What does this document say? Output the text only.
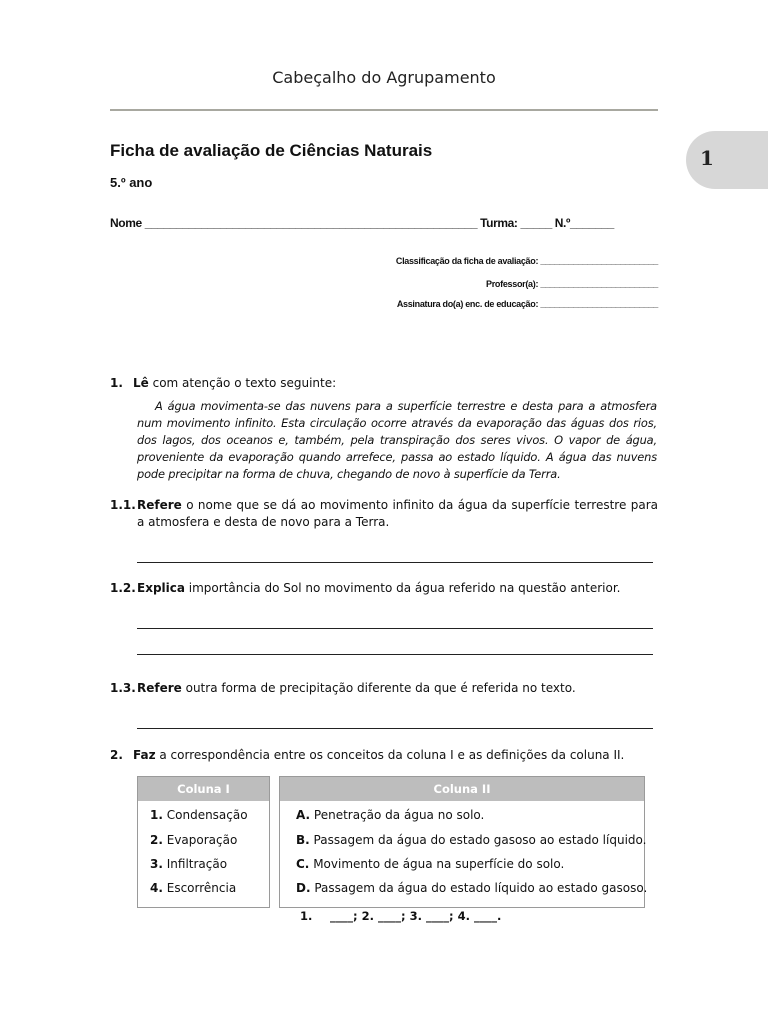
Cabeçalho do Agrupamento
1
Ficha de avaliação de Ciências Naturais
5.º ano
Nome _____________________________________________________ Turma: _____ N.º_______
Classificação da ficha de avaliação: _________________________
Professor(a): _________________________
Assinatura do(a) enc. de educação: _________________________
1. Lê com atenção o texto seguinte:
A água movimenta-se das nuvens para a superfície terrestre e desta para a atmosfera num movimento infinito. Esta circulação ocorre através da evaporação das águas dos rios, dos lagos, dos oceanos e, também, pela transpiração dos seres vivos. O vapor de água, proveniente da evaporação quando arrefece, passa ao estado líquido. A água das nuvens pode precipitar na forma de chuva, chegando de novo à superfície da Terra.
1.1. Refere o nome que se dá ao movimento infinito da água da superfície terrestre para a atmosfera e desta de novo para a Terra.
1.2. Explica importância do Sol no movimento da água referido na questão anterior.
1.3. Refere outra forma de precipitação diferente da que é referida no texto.
2. Faz a correspondência entre os conceitos da coluna I e as definições da coluna II.
Coluna I
1. Condensação
2. Evaporação
3. Infiltração
4. Escorrência
Coluna II
A. Penetração da água no solo.
B. Passagem da água do estado gasoso ao estado líquido.
C. Movimento de água na superfície do solo.
D. Passagem da água do estado líquido ao estado gasoso.
1. ____; 2. ____; 3. ____; 4. ____.
